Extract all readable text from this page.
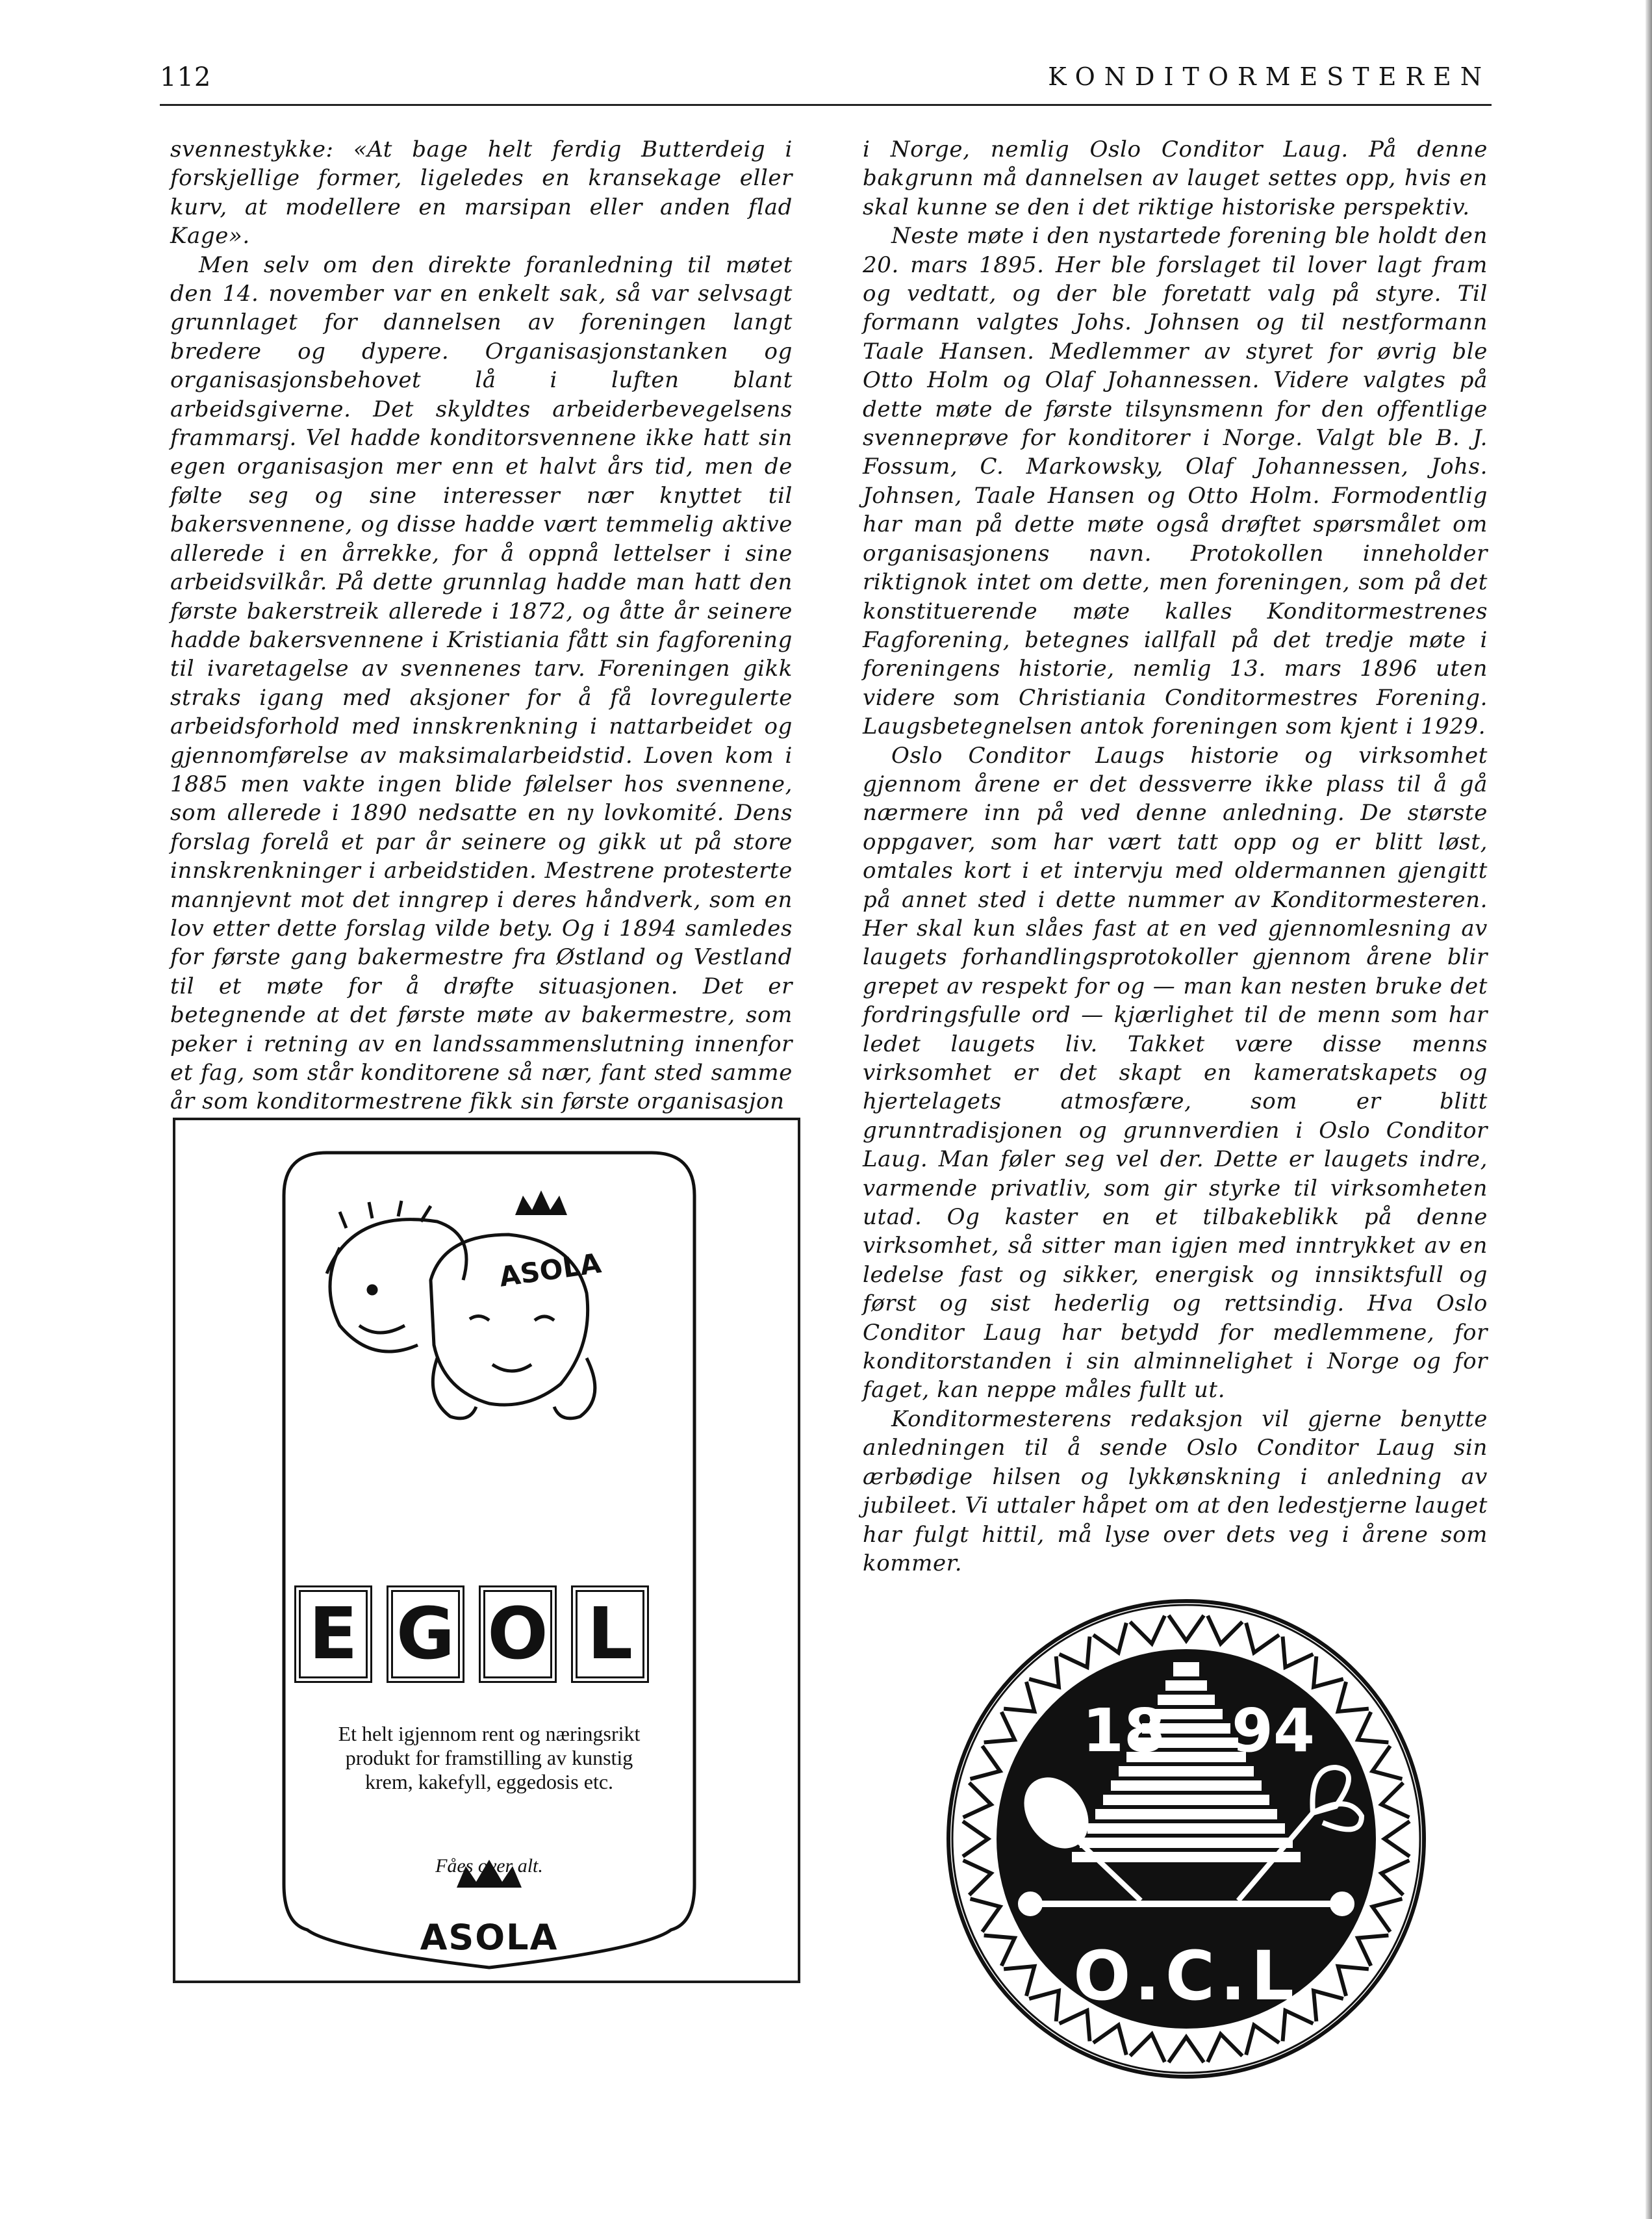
112	KONDITORMESTEREN

svennestykke: «At bage helt ferdig Butterdeig i forskjellige former, ligeledes en kransekage eller kurv, at modellere en marsipan eller anden flad Kage».

Men selv om den direkte foranledning til møtet den 14. november var en enkelt sak, så var selvsagt grunnlaget for dannelsen av foreningen langt bredere og dypere. Organisasjonstanken og organisasjonsbehovet lå i luften blant arbeidsgiverne. Det skyldtes arbeiderbevegelsens frammarsj. Vel hadde konditorsvennene ikke hatt sin egen organisasjon mer enn et halvt års tid, men de følte seg og sine interesser nær knyttet til bakersvennene, og disse hadde vært temmelig aktive allerede i en årrekke, for å oppnå lettelser i sine arbeidsvilkår. På dette grunnlag hadde man hatt den første bakerstreik allerede i 1872, og åtte år seinere hadde bakersvennene i Kristiania fått sin fagforening til ivaretagelse av svennenes tarv. Foreningen gikk straks igang med aksjoner for å få lovregulerte arbeidsforhold med innskrenkning i nattarbeidet og gjennomførelse av maksimalarbeidstid. Loven kom i 1885 men vakte ingen blide følelser hos svennene, som allerede i 1890 nedsatte en ny lovkomité. Dens forslag forelå et par år seinere og gikk ut på store innskrenkninger i arbeidstiden. Mestrene protesterte mannjevnt mot det inngrep i deres håndverk, som en lov etter dette forslag vilde bety. Og i 1894 samledes for første gang bakermestre fra Østland og Vestland til et møte for å drøfte situasjonen. Det er betegnende at det første møte av bakermestre, som peker i retning av en landssammenslutning innenfor et fag, som står konditorene så nær, fant sted samme år som konditormestrene fikk sin første organisasjon

i Norge, nemlig Oslo Conditor Laug. På denne bakgrunn må dannelsen av lauget settes opp, hvis en skal kunne se den i det riktige historiske perspektiv.

Neste møte i den nystartede forening ble holdt den 20. mars 1895. Her ble forslaget til lover lagt fram og vedtatt, og der ble foretatt valg på styre. Til formann valgtes Johs. Johnsen og til nestformann Taale Hansen. Medlemmer av styret for øvrig ble Otto Holm og Olaf Johannessen. Videre valgtes på dette møte de første tilsynsmenn for den offentlige svenneprøve for konditorer i Norge. Valgt ble B. J. Fossum, C. Markowsky, Olaf Johannessen, Johs. Johnsen, Taale Hansen og Otto Holm. Formodentlig har man på dette møte også drøftet spørsmålet om organisasjonens navn. Protokollen inneholder riktignok intet om dette, men foreningen, som på det konstituerende møte kalles Konditormestrenes Fagforening, betegnes iallfall på det tredje møte i foreningens historie, nemlig 13. mars 1896 uten videre som Christiania Conditormestres Forening. Laugsbetegnelsen antok foreningen som kjent i 1929.

Oslo Conditor Laugs historie og virksomhet gjennom årene er det dessverre ikke plass til å gå nærmere inn på ved denne anledning. De største oppgaver, som har vært tatt opp og er blitt løst, omtales kort i et intervju med oldermannen gjengitt på annet sted i dette nummer av Konditormesteren. Her skal kun slåes fast at en ved gjennomlesning av laugets forhandlingsprotokoller gjennom årene blir grepet av respekt for og — man kan nesten bruke det fordringsfulle ord — kjærlighet til de menn som har ledet laugets liv. Takket være disse menns virksomhet er det skapt en kameratskapets og hjertelagets atmosfære, som er blitt grunntradisjonen og grunnverdien i Oslo Conditor Laug. Man føler seg vel der. Dette er laugets indre, varmende privatliv, som gir styrke til virksomheten utad. Og kaster en et tilbakeblikk på denne virksomhet, så sitter man igjen med inntrykket av en ledelse fast og sikker, energisk og innsiktsfull og først og sist hederlig og rettsindig. Hva Oslo Conditor Laug har betydd for medlemmene, for konditorstanden i sin alminnelighet i Norge og for faget, kan neppe måles fullt ut.

Konditormesterens redaksjon vil gjerne benytte anledningen til å sende Oslo Conditor Laug sin ærbødige hilsen og lykkønskning i anledning av jubileet. Vi uttaler håpet om at den ledestjerne lauget har fulgt hittil, må lyse over dets veg i årene som kommer.

ASOLA
E G O L
Et helt igjennom rent og næringsrikt produkt for framstilling av kunstig krem, kakefyll, eggedosis etc.
Fåes over alt.
ASOLA
18 94
O.C.L
